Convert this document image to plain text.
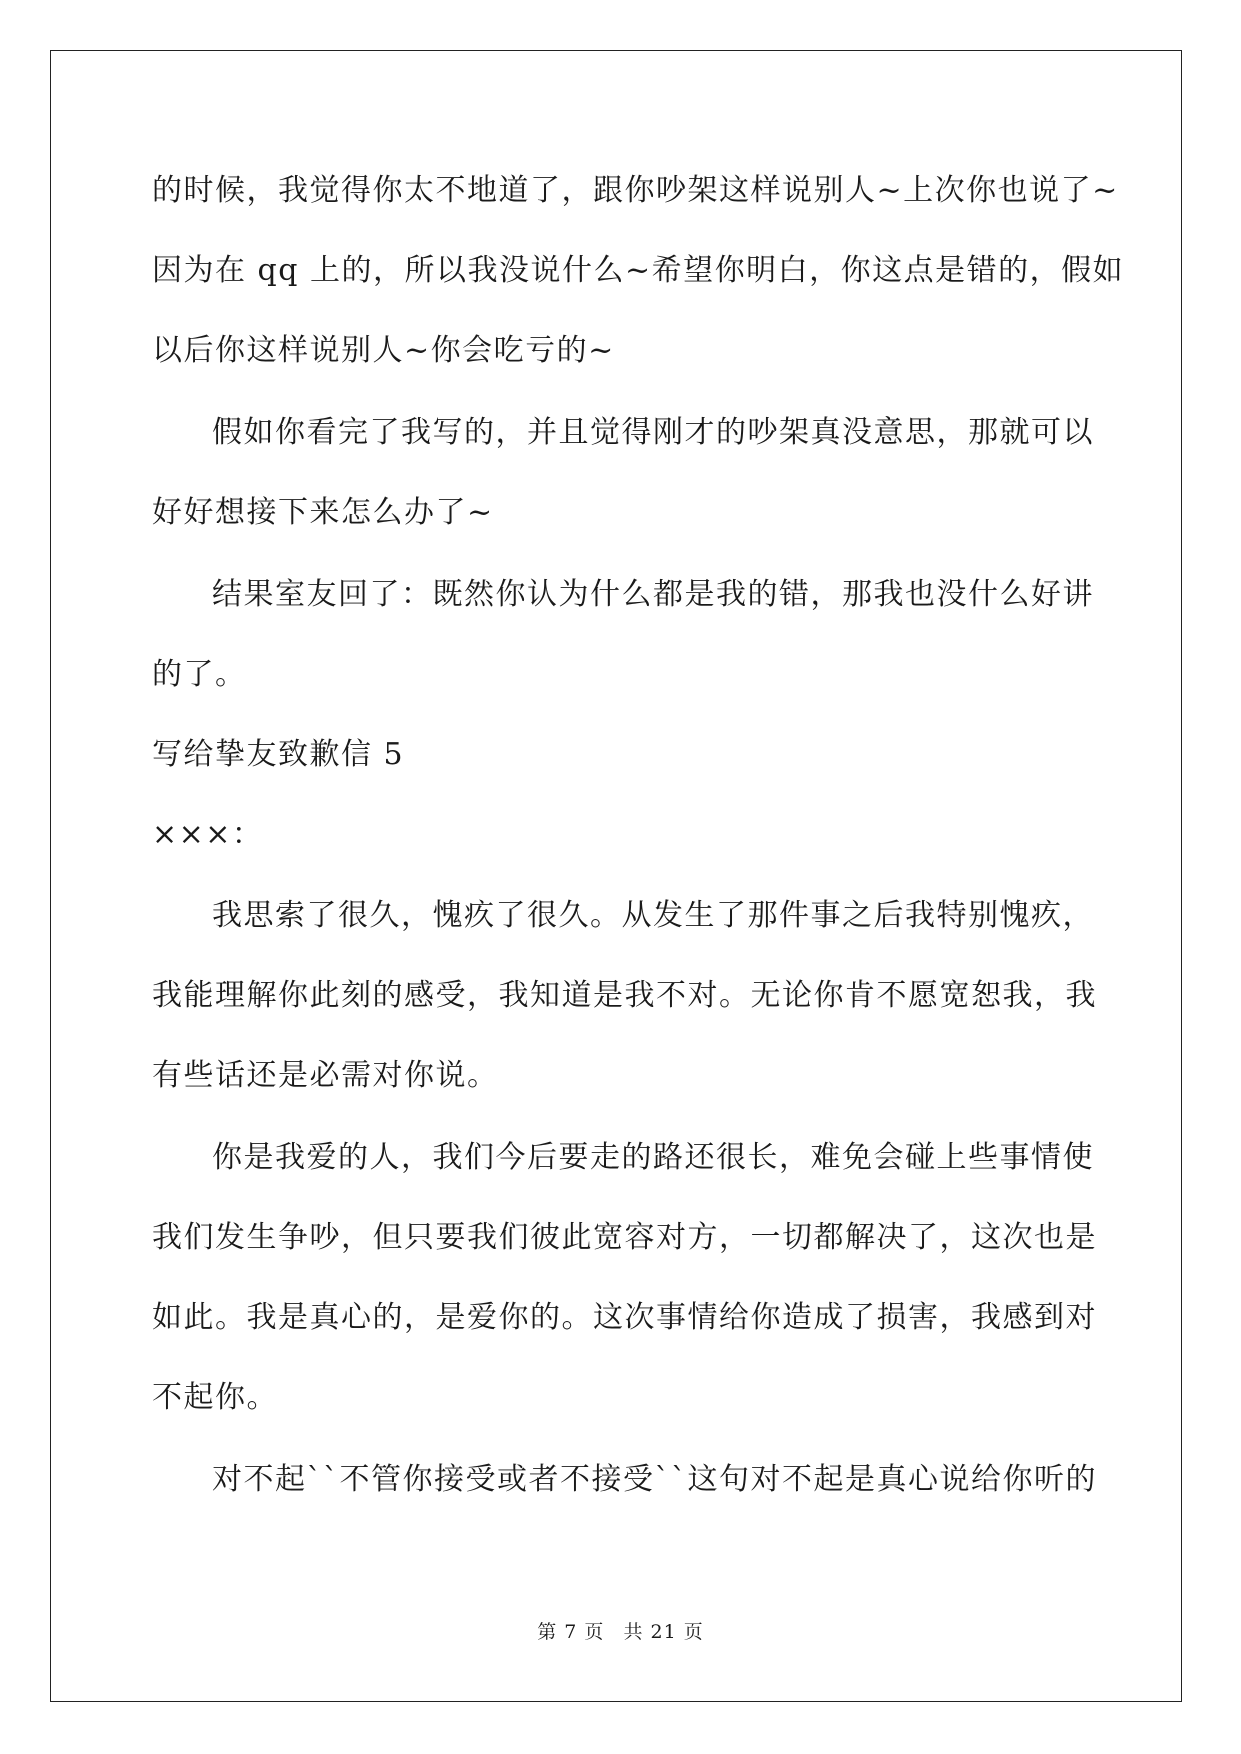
的时候，我觉得你太不地道了，跟你吵架这样说别人~上次你也说了~
因为在 qq 上的，所以我没说什么~希望你明白，你这点是错的，假如
以后你这样说别人~你会吃亏的~
假如你看完了我写的，并且觉得刚才的吵架真没意思，那就可以
好好想接下来怎么办了~
结果室友回了：既然你认为什么都是我的错，那我也没什么好讲
的了。
写给挚友致歉信 5
×××：
我思索了很久，愧疚了很久。从发生了那件事之后我特别愧疚，
我能理解你此刻的感受，我知道是我不对。无论你肯不愿宽恕我，我
有些话还是必需对你说。
你是我爱的人，我们今后要走的路还很长，难免会碰上些事情使
我们发生争吵，但只要我们彼此宽容对方，一切都解决了，这次也是
如此。我是真心的，是爱你的。这次事情给你造成了损害，我感到对
不起你。
对不起``不管你接受或者不接受``这句对不起是真心说给你听的
第 7 页 共 21 页
